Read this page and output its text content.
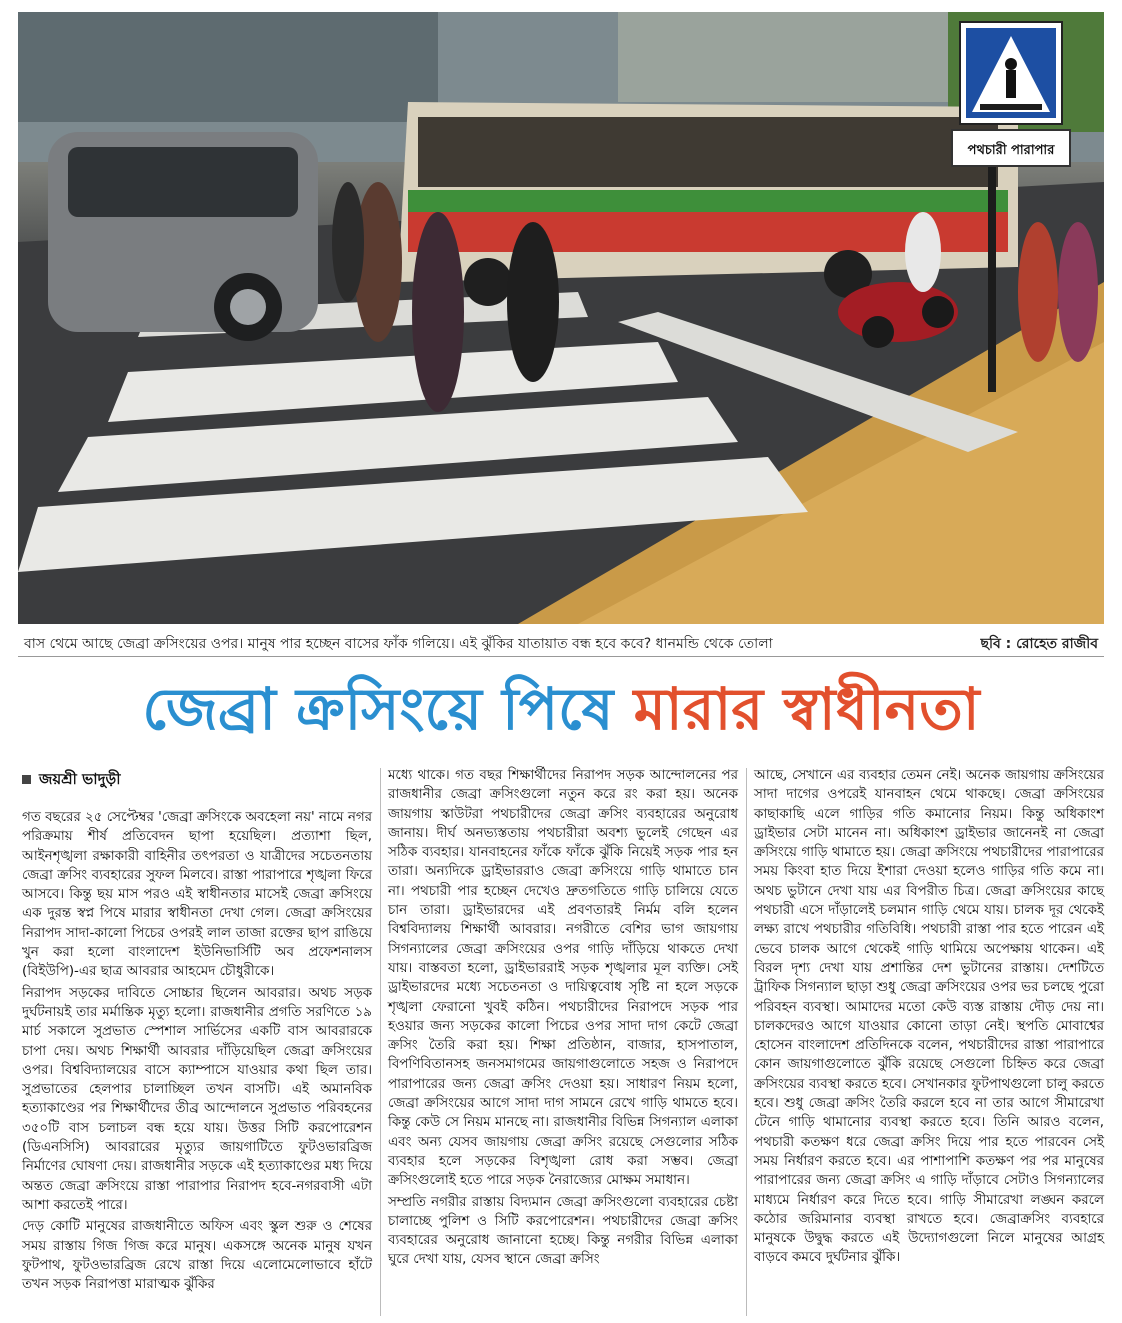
পথচারী পারাপার
বাস থেমে আছে জেব্রা ক্রসিংয়ের ওপর। মানুষ পার হচ্ছেন বাসের ফাঁক গলিয়ে। এই ঝুঁকির যাতায়াত বন্ধ হবে কবে? ধানমন্ডি থেকে তোলা	ছবি : রোহেত রাজীব
জেব্রা ক্রসিংয়ে পিষে মারার স্বাধীনতা
জয়শ্রী ভাদুড়ী

গত বছরের ২৫ সেপ্টেম্বর 'জেব্রা ক্রসিংকে অবহেলা নয়' নামে নগর পরিক্রমায় শীর্ষ প্রতিবেদন ছাপা হয়েছিল। প্রত্যাশা ছিল, আইনশৃঙ্খলা রক্ষাকারী বাহিনীর তৎপরতা ও যাত্রীদের সচেতনতায় জেব্রা ক্রসিং ব্যবহারের সুফল মিলবে। রাস্তা পারাপারে শৃঙ্খলা ফিরে আসবে। কিন্তু ছয় মাস পরও এই স্বাধীনতার মাসেই জেব্রা ক্রসিংয়ে এক দুরন্ত স্বপ্ন পিষে মারার স্বাধীনতা দেখা গেল। জেব্রা ক্রসিংয়ের নিরাপদ সাদা-কালো পিচের ওপরই লাল তাজা রক্তের ছাপ রাঙিয়ে খুন করা হলো বাংলাদেশ ইউনিভার্সিটি অব প্রফেশনালস (বিইউপি)-এর ছাত্র আবরার আহমেদ চৌধুরীকে।

নিরাপদ সড়কের দাবিতে সোচ্চার ছিলেন আবরার। অথচ সড়ক দুর্ঘটনায়ই তার মর্মান্তিক মৃত্যু হলো। রাজধানীর প্রগতি সরণিতে ১৯ মার্চ সকালে সুপ্রভাত স্পেশাল সার্ভিসের একটি বাস আবরারকে চাপা দেয়। অথচ শিক্ষার্থী আবরার দাঁড়িয়েছিল জেব্রা ক্রসিংয়ের ওপর। বিশ্ববিদ্যালয়ের বাসে ক্যাম্পাসে যাওয়ার কথা ছিল তার। সুপ্রভাতের হেলপার চালাচ্ছিল তখন বাসটি। এই অমানবিক হত্যাকাণ্ডের পর শিক্ষার্থীদের তীব্র আন্দোলনে সুপ্রভাত পরিবহনের ৩৫০টি বাস চলাচল বন্ধ হয়ে যায়। উত্তর সিটি করপোরেশন (ডিএনসিসি) আবরারের মৃত্যুর জায়গাটিতে ফুটওভারব্রিজ নির্মাণের ঘোষণা দেয়। রাজধানীর সড়কে এই হত্যাকাণ্ডের মধ্য দিয়ে অন্তত জেব্রা ক্রসিংয়ে রাস্তা পারাপার নিরাপদ হবে-নগরবাসী এটা আশা করতেই পারে।

দেড় কোটি মানুষের রাজধানীতে অফিস এবং স্কুল শুরু ও শেষের সময় রাস্তায় গিজ গিজ করে মানুষ। একসঙ্গে অনেক মানুষ যখন ফুটপাথ, ফুটওভারব্রিজ রেখে রাস্তা দিয়ে এলোমেলোভাবে হাঁটে তখন সড়ক নিরাপত্তা মারাত্মক ঝুঁকির

মধ্যে থাকে। গত বছর শিক্ষার্থীদের নিরাপদ সড়ক আন্দোলনের পর রাজধানীর জেব্রা ক্রসিংগুলো নতুন করে রং করা হয়। অনেক জায়গায় স্কাউটরা পথচারীদের জেব্রা ক্রসিং ব্যবহারের অনুরোধ জানায়। দীর্ঘ অনভ্যস্ততায় পথচারীরা অবশ্য ভুলেই গেছেন এর সঠিক ব্যবহার। যানবাহনের ফাঁকে ফাঁকে ঝুঁকি নিয়েই সড়ক পার হন তারা। অন্যদিকে ড্রাইভাররাও জেব্রা ক্রসিংয়ে গাড়ি থামাতে চান না। পথচারী পার হচ্ছেন দেখেও দ্রুতগতিতে গাড়ি চালিয়ে যেতে চান তারা। ড্রাইভারদের এই প্রবণতারই নির্মম বলি হলেন বিশ্ববিদ্যালয় শিক্ষার্থী আবরার। নগরীতে বেশির ভাগ জায়গায় সিগন্যালের জেব্রা ক্রসিংয়ের ওপর গাড়ি দাঁড়িয়ে থাকতে দেখা যায়। বাস্তবতা হলো, ড্রাইভাররাই সড়ক শৃঙ্খলার মূল ব্যক্তি। সেই ড্রাইভারদের মধ্যে সচেতনতা ও দায়িত্ববোধ সৃষ্টি না হলে সড়কে শৃঙ্খলা ফেরানো খুবই কঠিন। পথচারীদের নিরাপদে সড়ক পার হওয়ার জন্য সড়কের কালো পিচের ওপর সাদা দাগ কেটে জেব্রা ক্রসিং তৈরি করা হয়। শিক্ষা প্রতিষ্ঠান, বাজার, হাসপাতাল, বিপণিবিতানসহ জনসমাগমের জায়গাগুলোতে সহজ ও নিরাপদে পারাপারের জন্য জেব্রা ক্রসিং দেওয়া হয়। সাধারণ নিয়ম হলো, জেব্রা ক্রসিংয়ের আগে সাদা দাগ সামনে রেখে গাড়ি থামতে হবে। কিন্তু কেউ সে নিয়ম মানছে না। রাজধানীর বিভিন্ন সিগন্যাল এলাকা এবং অন্য যেসব জায়গায় জেব্রা ক্রসিং রয়েছে সেগুলোর সঠিক ব্যবহার হলে সড়কের বিশৃঙ্খলা রোধ করা সম্ভব। জেব্রা ক্রসিংগুলোই হতে পারে সড়ক নৈরাজ্যের মোক্ষম সমাধান।

সম্প্রতি নগরীর রাস্তায় বিদ্যমান জেব্রা ক্রসিংগুলো ব্যবহারের চেষ্টা চালাচ্ছে পুলিশ ও সিটি করপোরেশন। পথচারীদের জেব্রা ক্রসিং ব্যবহারের অনুরোধ জানানো হচ্ছে। কিন্তু নগরীর বিভিন্ন এলাকা ঘুরে দেখা যায়, যেসব স্থানে জেব্রা ক্রসিং

আছে, সেখানে এর ব্যবহার তেমন নেই। অনেক জায়গায় ক্রসিংয়ের সাদা দাগের ওপরেই যানবাহন থেমে থাকছে। জেব্রা ক্রসিংয়ের কাছাকাছি এলে গাড়ির গতি কমানোর নিয়ম। কিন্তু অধিকাংশ ড্রাইভার সেটা মানেন না। অধিকাংশ ড্রাইভার জানেনই না জেব্রা ক্রসিংয়ে গাড়ি থামাতে হয়। জেব্রা ক্রসিংয়ে পথচারীদের পারাপারের সময় কিংবা হাত দিয়ে ইশারা দেওয়া হলেও গাড়ির গতি কমে না। অথচ ভুটানে দেখা যায় এর বিপরীত চিত্র। জেব্রা ক্রসিংয়ের কাছে পথচারী এসে দাঁড়ালেই চলমান গাড়ি থেমে যায়। চালক দূর থেকেই লক্ষ্য রাখে পথচারীর গতিবিধি। পথচারী রাস্তা পার হতে পারেন এই ভেবে চালক আগে থেকেই গাড়ি থামিয়ে অপেক্ষায় থাকেন। এই বিরল দৃশ্য দেখা যায় প্রশান্তির দেশ ভুটানের রাস্তায়। দেশটিতে ট্রাফিক সিগন্যাল ছাড়া শুধু জেব্রা ক্রসিংয়ের ওপর ভর চলছে পুরো পরিবহন ব্যবস্থা। আমাদের মতো কেউ ব্যস্ত রাস্তায় দৌড় দেয় না। চালকদেরও আগে যাওয়ার কোনো তাড়া নেই। স্থপতি মোবাশ্বের হোসেন বাংলাদেশ প্রতিদিনকে বলেন, পথচারীদের রাস্তা পারাপারে কোন জায়গাগুলোতে ঝুঁকি রয়েছে সেগুলো চিহ্নিত করে জেব্রা ক্রসিংয়ের ব্যবস্থা করতে হবে। সেখানকার ফুটপাথগুলো চালু করতে হবে। শুধু জেব্রা ক্রসিং তৈরি করলে হবে না তার আগে সীমারেখা টেনে গাড়ি থামানোর ব্যবস্থা করতে হবে। তিনি আরও বলেন, পথচারী কতক্ষণ ধরে জেব্রা ক্রসিং দিয়ে পার হতে পারবেন সেই সময় নির্ধারণ করতে হবে। এর পাশাপাশি কতক্ষণ পর পর মানুষের পারাপারের জন্য জেব্রা ক্রসিং এ গাড়ি দাঁড়াবে সেটাও সিগন্যালের মাধ্যমে নির্ধারণ করে দিতে হবে। গাড়ি সীমারেখা লঙ্ঘন করলে কঠোর জরিমানার ব্যবস্থা রাখতে হবে। জেব্রাক্রসিং ব্যবহারে মানুষকে উদ্বুদ্ধ করতে এই উদ্যোগগুলো নিলে মানুষের আগ্রহ বাড়বে কমবে দুর্ঘটনার ঝুঁকি।
